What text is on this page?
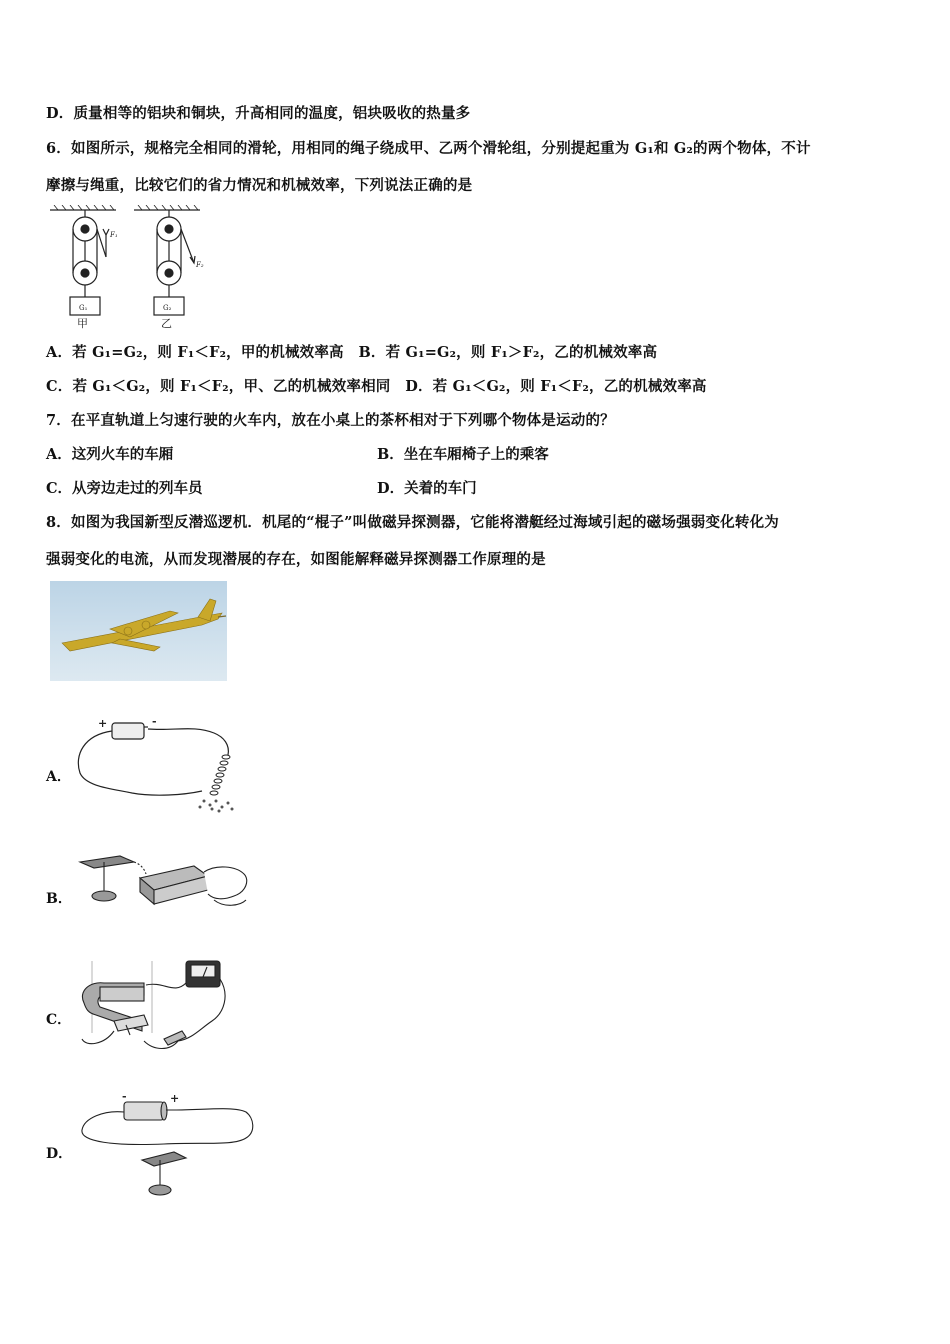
D．质量相等的铝块和铜块，升高相同的温度，铝块吸收的热量多
6．如图所示，规格完全相同的滑轮，用相同的绳子绕成甲、乙两个滑轮组，分别提起重为 G₁和 G₂的两个物体，不计
摩擦与绳重，比较它们的省力情况和机械效率，下列说法正确的是
F₁
F₂
G₁	G₂
甲	乙
A．若 G₁=G₂，则 F₁＜F₂，甲的机械效率高　B．若 G₁=G₂，则 F₁＞F₂，乙的机械效率高
C．若 G₁＜G₂，则 F₁＜F₂，甲、乙的机械效率相同　D．若 G₁＜G₂，则 F₁＜F₂，乙的机械效率高
7．在平直轨道上匀速行驶的火车内，放在小桌上的茶杯相对于下列哪个物体是运动的？
A．这列火车的车厢	B．坐在车厢椅子上的乘客
C．从旁边走过的列车员	D．关着的车门
8．如图为我国新型反潜巡逻机．机尾的“棍子”叫做磁异探测器，它能将潜艇经过海域引起的磁场强弱变化转化为
强弱变化的电流，从而发现潜展的存在，如图能解释磁异探测器工作原理的是
A．
+	-
B．
C．
D．
-	+
